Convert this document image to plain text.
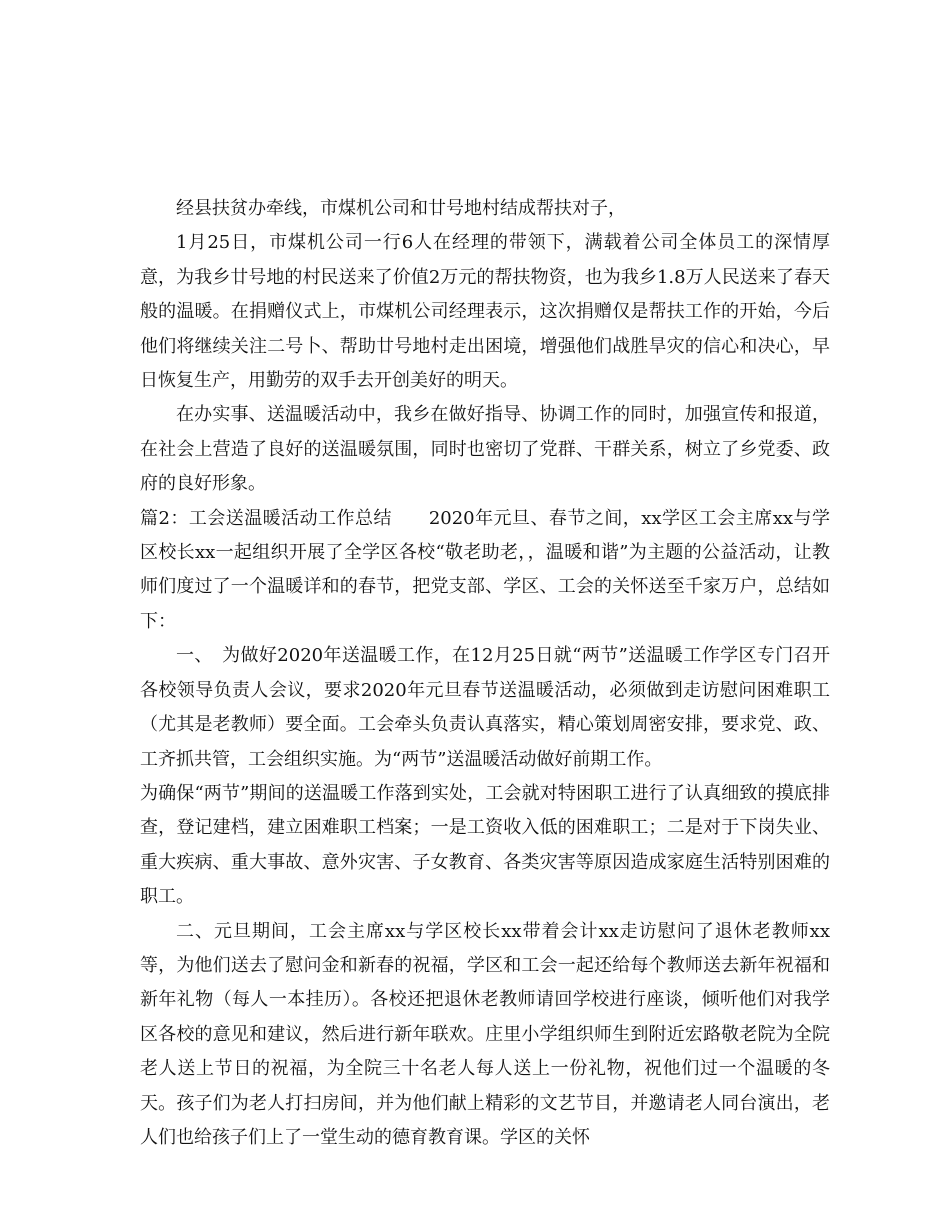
经县扶贫办牵线，市煤机公司和廿号地村结成帮扶对子，

1月25日，市煤机公司一行6人在经理的带领下，满载着公司全体员工的深情厚意，为我乡廿号地的村民送来了价值2万元的帮扶物资，也为我乡1.8万人民送来了春天般的温暖。在捐赠仪式上，市煤机公司经理表示，这次捐赠仅是帮扶工作的开始，今后他们将继续关注二号卜、帮助廿号地村走出困境，增强他们战胜旱灾的信心和决心，早日恢复生产，用勤劳的双手去开创美好的明天。

在办实事、送温暖活动中，我乡在做好指导、协调工作的同时，加强宣传和报道，在社会上营造了良好的送温暖氛围，同时也密切了党群、干群关系，树立了乡党委、政府的良好形象。

篇2：工会送温暖活动工作总结　　2020年元旦、春节之间，xx学区工会主席xx与学区校长xx一起组织开展了全学区各校“敬老助老，，温暖和谐”为主题的公益活动，让教师们度过了一个温暖详和的春节，把党支部、学区、工会的关怀送至千家万户，总结如下：

一、　为做好2020年送温暖工作，在12月25日就“两节”送温暖工作学区专门召开各校领导负责人会议，要求2020年元旦春节送温暖活动，必须做到走访慰问困难职工（尤其是老教师）要全面。工会牵头负责认真落实，精心策划周密安排，要求党、政、工齐抓共管，工会组织实施。为“两节”送温暖活动做好前期工作。

为确保“两节”期间的送温暖工作落到实处，工会就对特困职工进行了认真细致的摸底排查，登记建档，建立困难职工档案；一是工资收入低的困难职工；二是对于下岗失业、重大疾病、重大事故、意外灾害、子女教育、各类灾害等原因造成家庭生活特别困难的职工。

二、元旦期间，工会主席xx与学区校长xx带着会计xx走访慰问了退休老教师xx等，为他们送去了慰问金和新春的祝福，学区和工会一起还给每个教师送去新年祝福和新年礼物（每人一本挂历）。各校还把退休老教师请回学校进行座谈，倾听他们对我学区各校的意见和建议，然后进行新年联欢。庄里小学组织师生到附近宏路敬老院为全院老人送上节日的祝福，为全院三十名老人每人送上一份礼物，祝他们过一个温暖的冬天。孩子们为老人打扫房间，并为他们献上精彩的文艺节目，并邀请老人同台演出，老人们也给孩子们上了一堂生动的德育教育课。学区的关怀
